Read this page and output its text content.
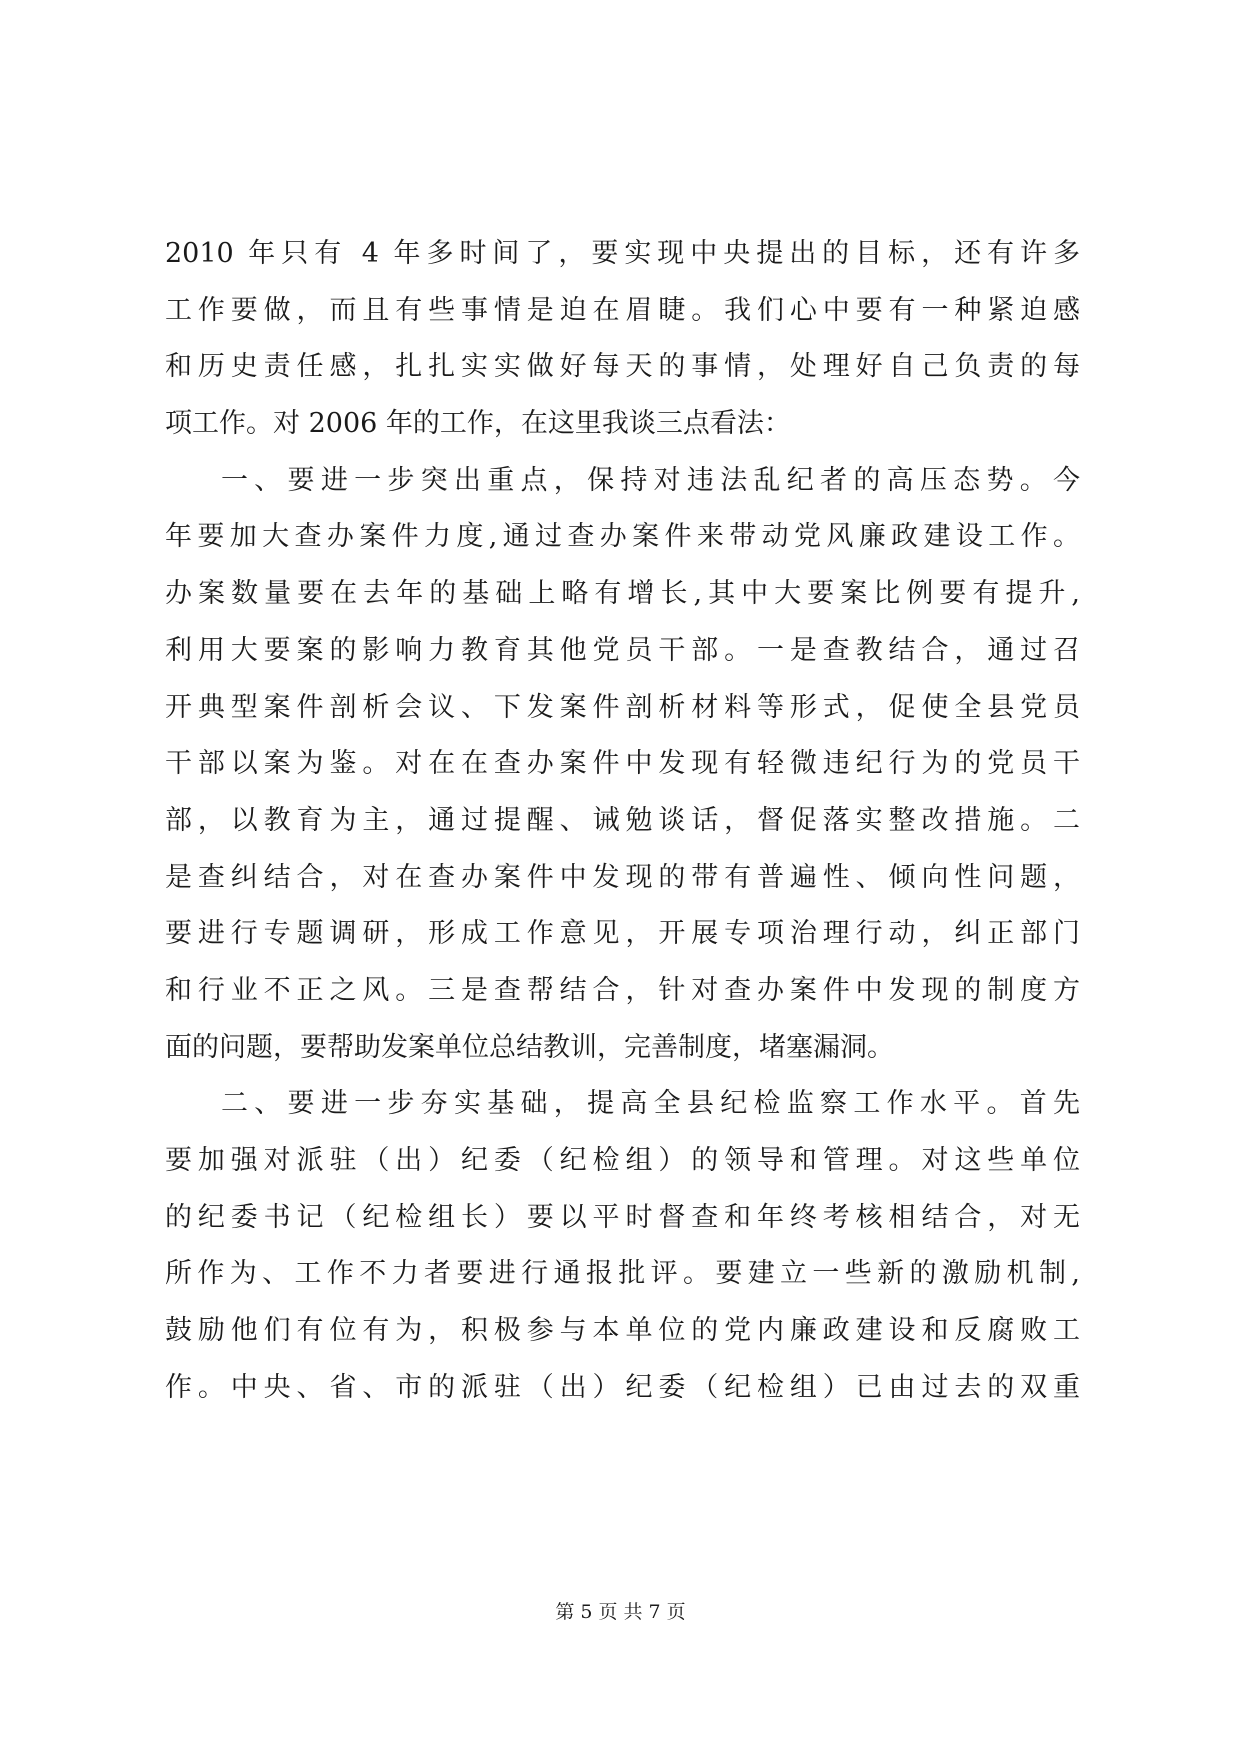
2010 年只有 4 年多时间了，要实现中央提出的目标，还有许多
工作要做，而且有些事情是迫在眉睫。我们心中要有一种紧迫感
和历史责任感，扎扎实实做好每天的事情，处理好自己负责的每
项工作。对 2006 年的工作，在这里我谈三点看法：
一、要进一步突出重点，保持对违法乱纪者的高压态势。今
年要加大查办案件力度,通过查办案件来带动党风廉政建设工作。
办案数量要在去年的基础上略有增长,其中大要案比例要有提升,
利用大要案的影响力教育其他党员干部。一是查教结合，通过召
开典型案件剖析会议、下发案件剖析材料等形式，促使全县党员
干部以案为鉴。对在在查办案件中发现有轻微违纪行为的党员干
部，以教育为主，通过提醒、诫勉谈话，督促落实整改措施。二
是查纠结合，对在查办案件中发现的带有普遍性、倾向性问题，
要进行专题调研，形成工作意见，开展专项治理行动，纠正部门
和行业不正之风。三是查帮结合，针对查办案件中发现的制度方
面的问题，要帮助发案单位总结教训，完善制度，堵塞漏洞。
二、要进一步夯实基础，提高全县纪检监察工作水平。首先
要加强对派驻（出）纪委（纪检组）的领导和管理。对这些单位
的纪委书记（纪检组长）要以平时督查和年终考核相结合，对无
所作为、工作不力者要进行通报批评。要建立一些新的激励机制,
鼓励他们有位有为，积极参与本单位的党内廉政建设和反腐败工
作。中央、省、市的派驻（出）纪委（纪检组）已由过去的双重
第 5 页 共 7 页
